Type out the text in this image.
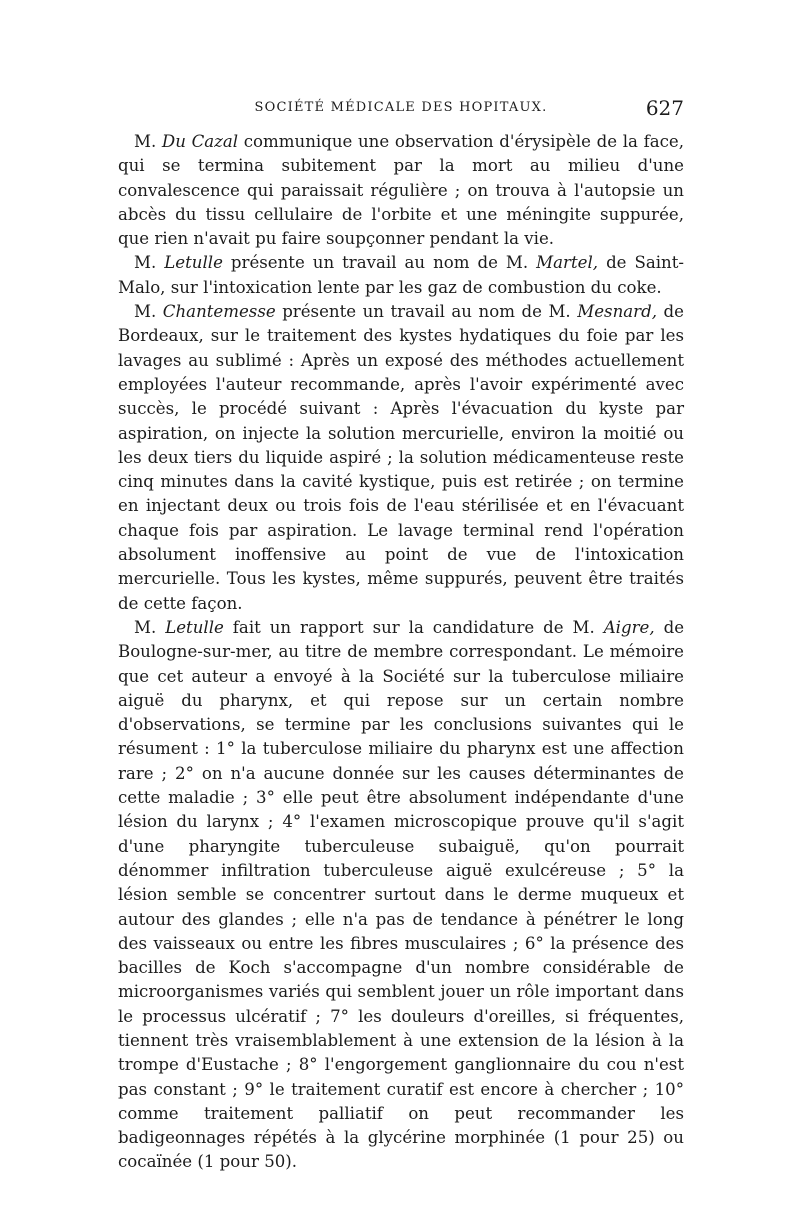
SOCIÉTÉ MÉDICALE DES HOPITAUX.	627

M. Du Cazal communique une observation d'érysipèle de la face, qui se termina subitement par la mort au milieu d'une convalescence qui paraissait régulière ; on trouva à l'autopsie un abcès du tissu cellulaire de l'orbite et une méningite suppurée, que rien n'avait pu faire soupçonner pendant la vie.

M. Letulle présente un travail au nom de M. Martel, de Saint-Malo, sur l'intoxication lente par les gaz de combustion du coke.

M. Chantemesse présente un travail au nom de M. Mesnard, de Bordeaux, sur le traitement des kystes hydatiques du foie par les lavages au sublimé : Après un exposé des méthodes actuellement employées l'auteur recommande, après l'avoir expérimenté avec succès, le procédé suivant : Après l'évacuation du kyste par aspiration, on injecte la solution mercurielle, environ la moitié ou les deux tiers du liquide aspiré ; la solution médicamenteuse reste cinq minutes dans la cavité kystique, puis est retirée ; on termine en injectant deux ou trois fois de l'eau stérilisée et en l'évacuant chaque fois par aspiration. Le lavage terminal rend l'opération absolument inoffensive au point de vue de l'intoxication mercurielle. Tous les kystes, même suppurés, peuvent être traités de cette façon.

M. Letulle fait un rapport sur la candidature de M. Aigre, de Boulogne-sur-mer, au titre de membre correspondant. Le mémoire que cet auteur a envoyé à la Société sur la tuberculose miliaire aiguë du pharynx, et qui repose sur un certain nombre d'observations, se termine par les conclusions suivantes qui le résument : 1° la tuberculose miliaire du pharynx est une affection rare ; 2° on n'a aucune donnée sur les causes déterminantes de cette maladie ; 3° elle peut être absolument indépendante d'une lésion du larynx ; 4° l'examen microscopique prouve qu'il s'agit d'une pharyngite tuberculeuse subaiguë, qu'on pourrait dénommer infiltration tuberculeuse aiguë exulcéreuse ; 5° la lésion semble se concentrer surtout dans le derme muqueux et autour des glandes ; elle n'a pas de tendance à pénétrer le long des vaisseaux ou entre les fibres musculaires ; 6° la présence des bacilles de Koch s'accompagne d'un nombre considérable de microorganismes variés qui semblent jouer un rôle important dans le processus ulcératif ; 7° les douleurs d'oreilles, si fréquentes, tiennent très vraisemblablement à une extension de la lésion à la trompe d'Eustache ; 8° l'engorgement ganglionnaire du cou n'est pas constant ; 9° le traitement curatif est encore à chercher ; 10° comme traitement palliatif on peut recommander les badigeonnages répétés à la glycérine morphinée (1 pour 25) ou cocaïnée (1 pour 50).
